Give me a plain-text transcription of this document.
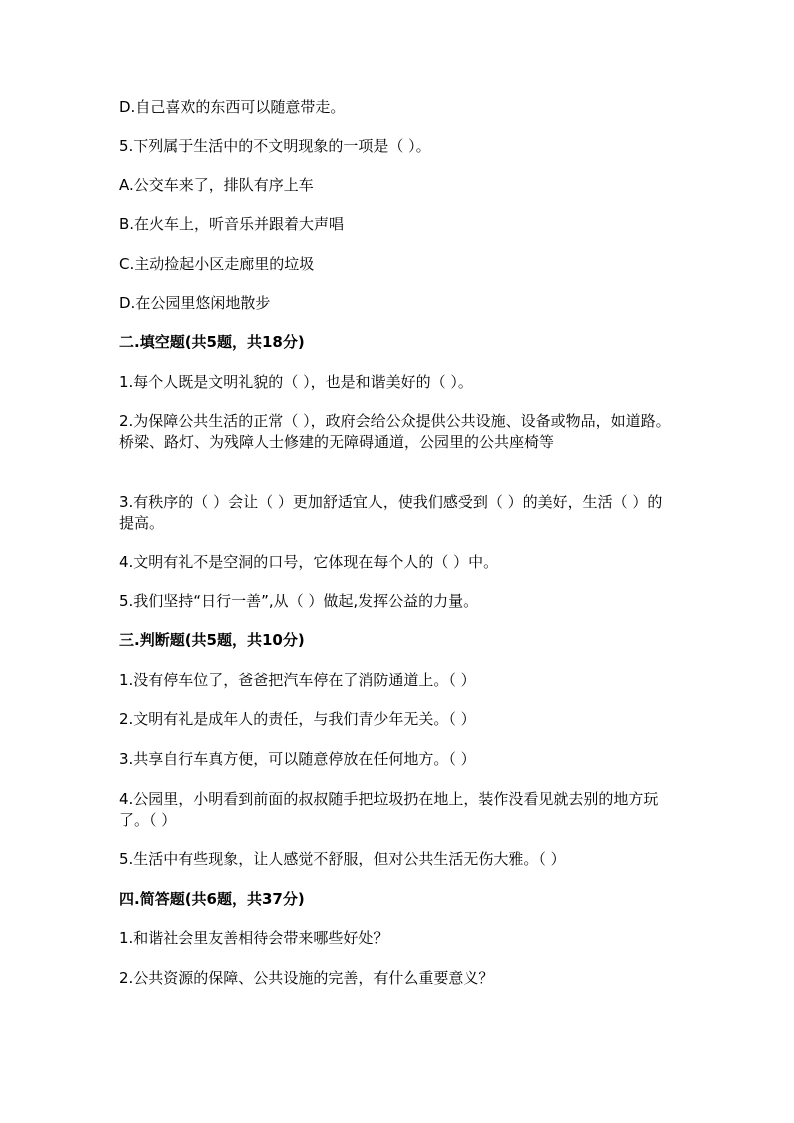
D.自己喜欢的东西可以随意带走。
5.下列属于生活中的不文明现象的一项是（ ）。
A.公交车来了，排队有序上车
B.在火车上，听音乐并跟着大声唱
C.主动捡起小区走廊里的垃圾
D.在公园里悠闲地散步
二.填空题(共5题，共18分)
1.每个人既是文明礼貌的（ ），也是和谐美好的（ ）。
2.为保障公共生活的正常（ ），政府会给公众提供公共设施、设备或物品，如道路。桥梁、路灯、为残障人士修建的无障碍通道，公园里的公共座椅等
3.有秩序的（ ）会让（ ）更加舒适宜人，使我们感受到（ ）的美好，生活（ ）的提高。
4.文明有礼不是空洞的口号，它体现在每个人的（ ）中。
5.我们坚持“日行一善”,从（ ）做起,发挥公益的力量。
三.判断题(共5题，共10分)
1.没有停车位了，爸爸把汽车停在了消防通道上。（ ）
2.文明有礼是成年人的责任，与我们青少年无关。（ ）
3.共享自行车真方便，可以随意停放在任何地方。（ ）
4.公园里，小明看到前面的叔叔随手把垃圾扔在地上，装作没看见就去别的地方玩了。（ ）
5.生活中有些现象，让人感觉不舒服，但对公共生活无伤大雅。（ ）
四.简答题(共6题，共37分)
1.和谐社会里友善相待会带来哪些好处？
2.公共资源的保障、公共设施的完善，有什么重要意义？
